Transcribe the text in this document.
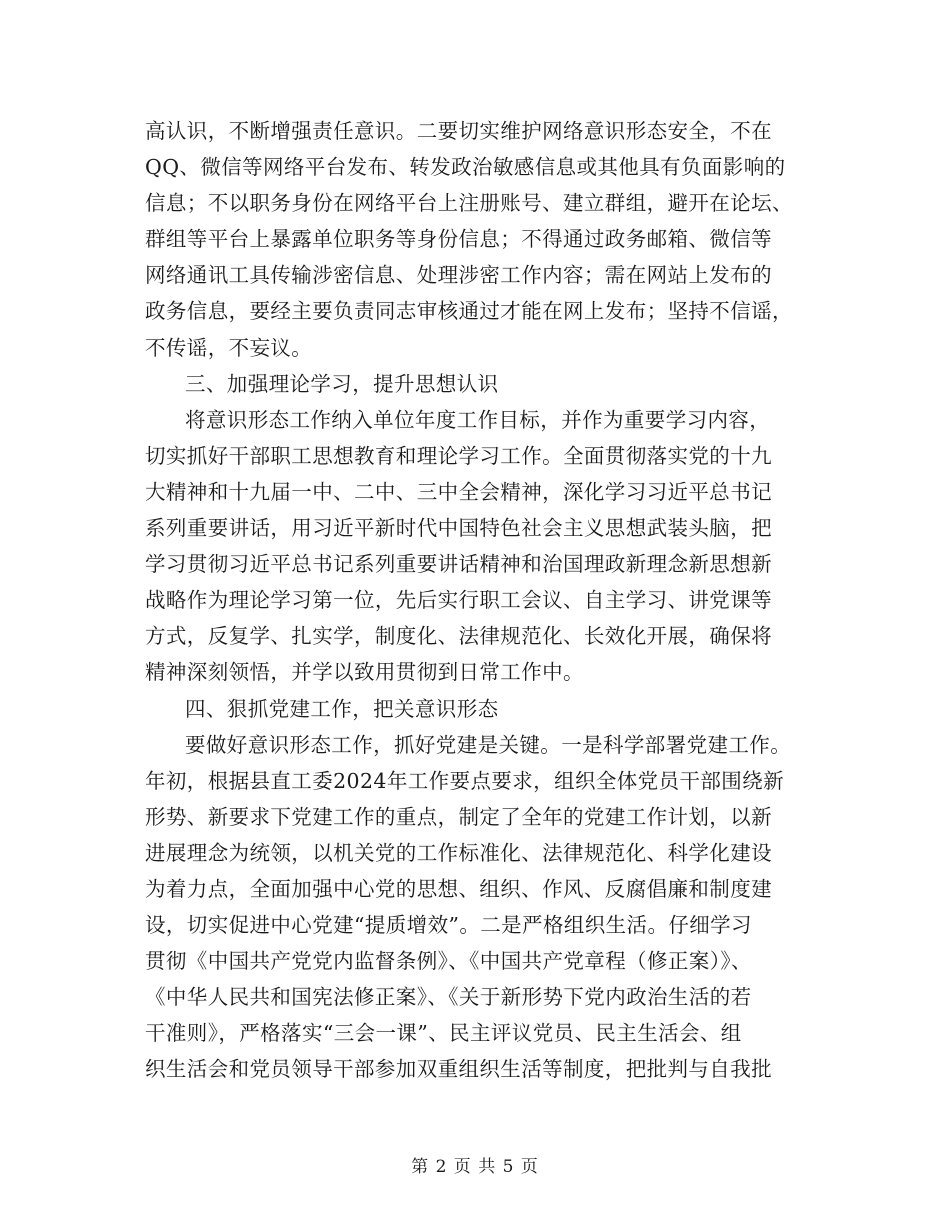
高认识，不断增强责任意识。二要切实维护网络意识形态安全，不在
QQ、微信等网络平台发布、转发政治敏感信息或其他具有负面影响的
信息；不以职务身份在网络平台上注册账号、建立群组，避开在论坛、
群组等平台上暴露单位职务等身份信息；不得通过政务邮箱、微信等
网络通讯工具传输涉密信息、处理涉密工作内容；需在网站上发布的
政务信息，要经主要负责同志审核通过才能在网上发布；坚持不信谣，
不传谣，不妄议。
三、加强理论学习，提升思想认识
将意识形态工作纳入单位年度工作目标，并作为重要学习内容，
切实抓好干部职工思想教育和理论学习工作。全面贯彻落实党的十九
大精神和十九届一中、二中、三中全会精神，深化学习习近平总书记
系列重要讲话，用习近平新时代中国特色社会主义思想武装头脑，把
学习贯彻习近平总书记系列重要讲话精神和治国理政新理念新思想新
战略作为理论学习第一位，先后实行职工会议、自主学习、讲党课等
方式，反复学、扎实学，制度化、法律规范化、长效化开展，确保将
精神深刻领悟，并学以致用贯彻到日常工作中。
四、狠抓党建工作，把关意识形态
要做好意识形态工作，抓好党建是关键。一是科学部署党建工作。
年初，根据县直工委2024年工作要点要求，组织全体党员干部围绕新
形势、新要求下党建工作的重点，制定了全年的党建工作计划，以新
进展理念为统领，以机关党的工作标准化、法律规范化、科学化建设
为着力点，全面加强中心党的思想、组织、作风、反腐倡廉和制度建
设，切实促进中心党建“提质增效”。二是严格组织生活。仔细学习
贯彻《中国共产党党内监督条例》、《中国共产党章程（修正案）》、
《中华人民共和国宪法修正案》、《关于新形势下党内政治生活的若
干准则》，严格落实“三会一课”、民主评议党员、民主生活会、组
织生活会和党员领导干部参加双重组织生活等制度，把批判与自我批
第 2 页 共 5 页
